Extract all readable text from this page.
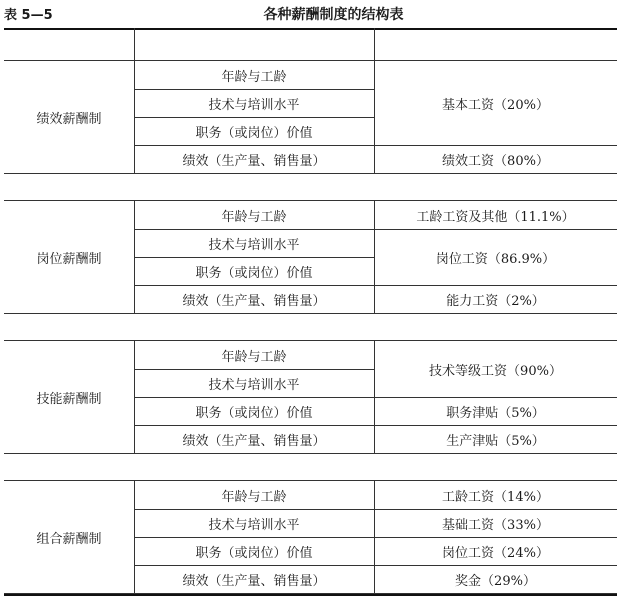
表 5—5	各种薪酬制度的结构表
绩效薪酬制
年龄与工龄
技术与培训水平
职务（或岗位）价值
绩效（生产量、销售量）
基本工资（20%）
绩效工资（80%）
岗位薪酬制
年龄与工龄
技术与培训水平
职务（或岗位）价值
绩效（生产量、销售量）
工龄工资及其他（11.1%）
岗位工资（86.9%）
能力工资（2%）
技能薪酬制
年龄与工龄
技术与培训水平
职务（或岗位）价值
绩效（生产量、销售量）
技术等级工资（90%）
职务津贴（5%）
生产津贴（5%）
组合薪酬制
年龄与工龄
技术与培训水平
职务（或岗位）价值
绩效（生产量、销售量）
工龄工资（14%）
基础工资（33%）
岗位工资（24%）
奖金（29%）
